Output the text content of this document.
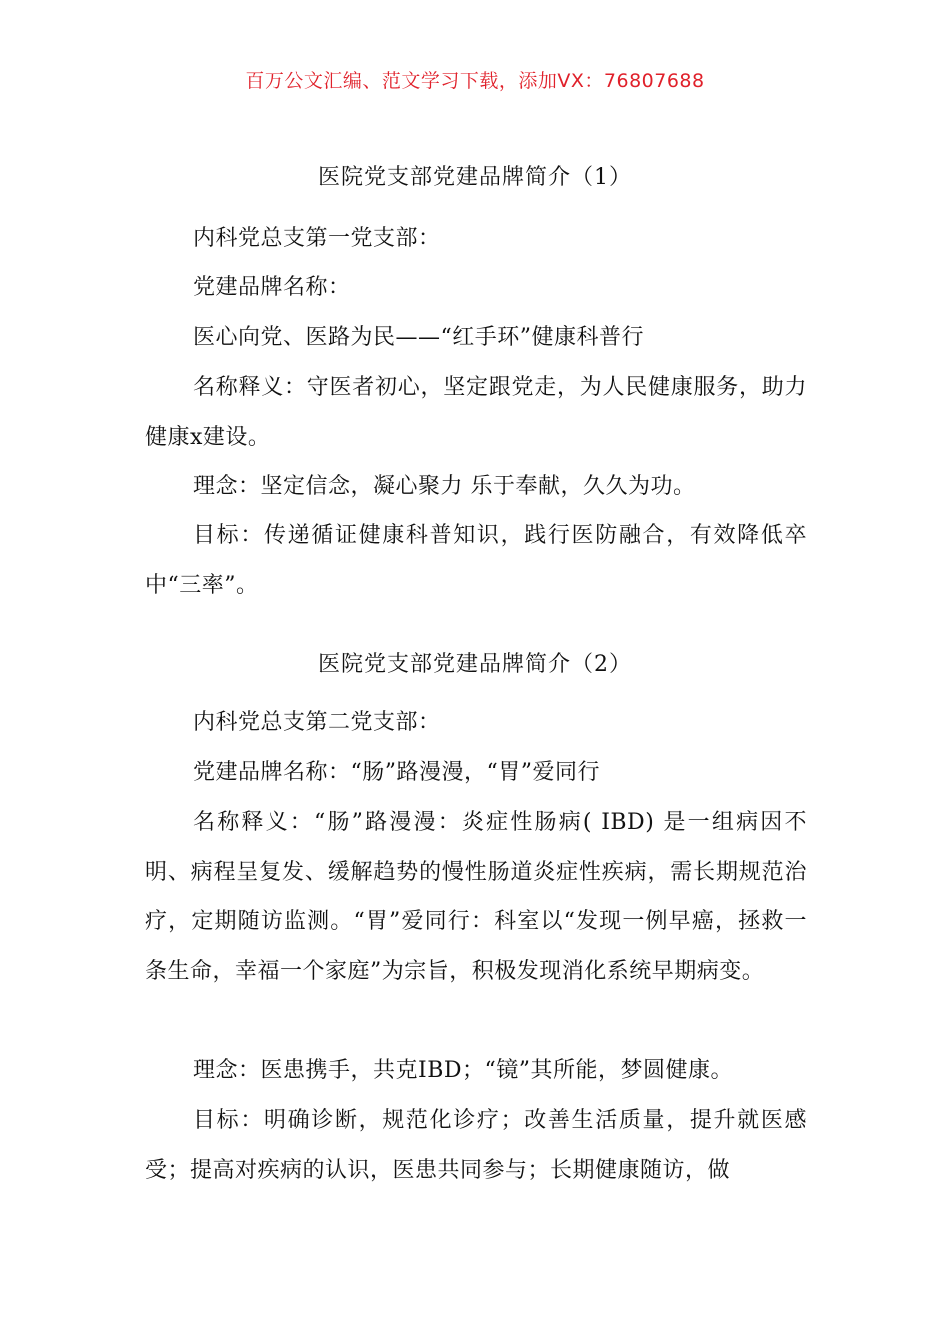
百万公文汇编、范文学习下载，添加VX：76807688
医院党支部党建品牌简介（1）

内科党总支第一党支部：

党建品牌名称：

医心向党、医路为民——“红手环”健康科普行

名称释义：守医者初心，坚定跟党走，为人民健康服务，助力健康x建设。

理念：坚定信念，凝心聚力 乐于奉献，久久为功。

目标：传递循证健康科普知识，践行医防融合，有效降低卒中“三率”。

医院党支部党建品牌简介（2）

内科党总支第二党支部：

党建品牌名称：“肠”路漫漫，“胃”爱同行

名称释义：“肠”路漫漫：炎症性肠病( IBD) 是一组病因不明、病程呈复发、缓解趋势的慢性肠道炎症性疾病，需长期规范治疗，定期随访监测。“胃”爱同行：科室以“发现一例早癌，拯救一条生命，幸福一个家庭”为宗旨，积极发现消化系统早期病变。

理念：医患携手，共克IBD；“镜”其所能，梦圆健康。

目标：明确诊断，规范化诊疗；改善生活质量，提升就医感受；提高对疾病的认识，医患共同参与；长期健康随访，做
